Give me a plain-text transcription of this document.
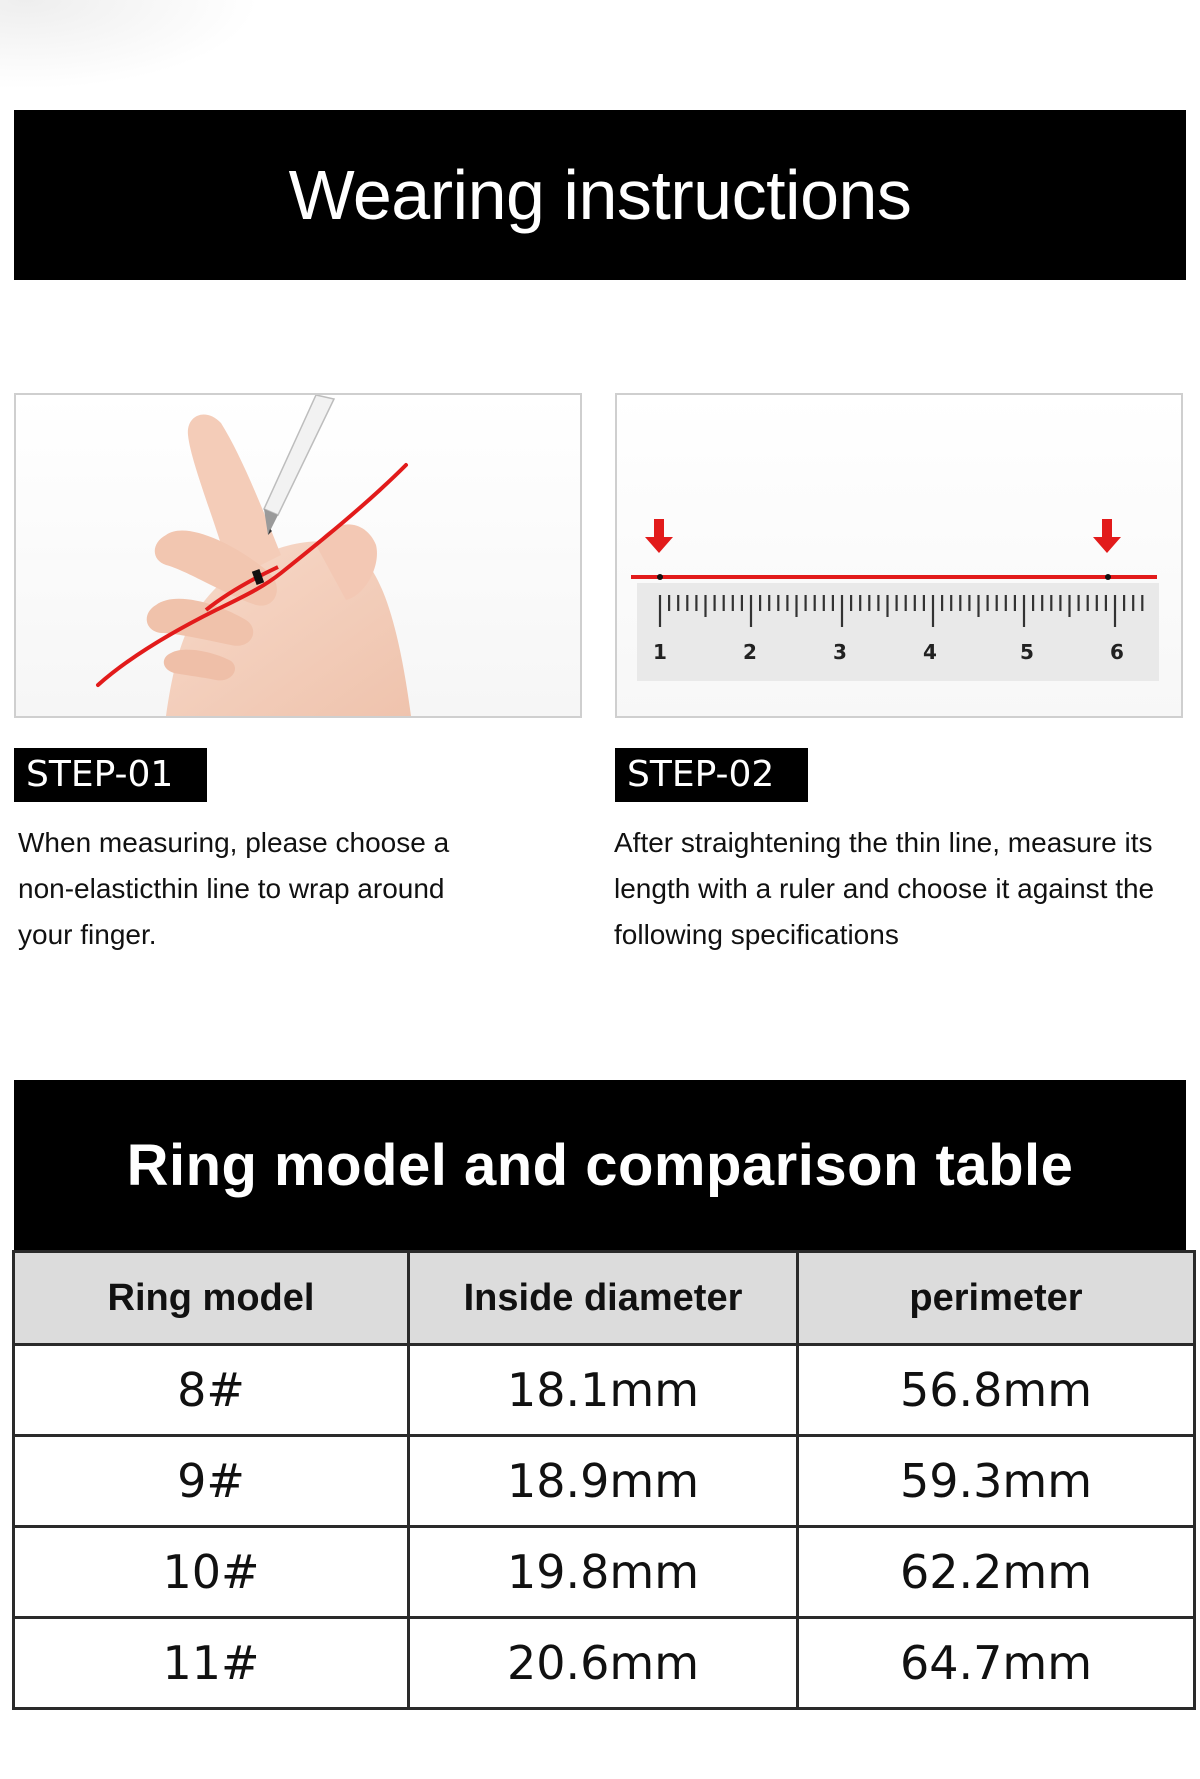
Wearing instructions
1	2	3	4	5	6
STEP-01
When measuring, please choose a non-elasticthin line to wrap around your finger.
STEP-02
After straightening the thin line, measure its length with a ruler and choose it against the following specifications
Ring model and comparison table
Ring model	Inside diameter	perimeter
8#	18.1mm	56.8mm
9#	18.9mm	59.3mm
10#	19.8mm	62.2mm
11#	20.6mm	64.7mm
